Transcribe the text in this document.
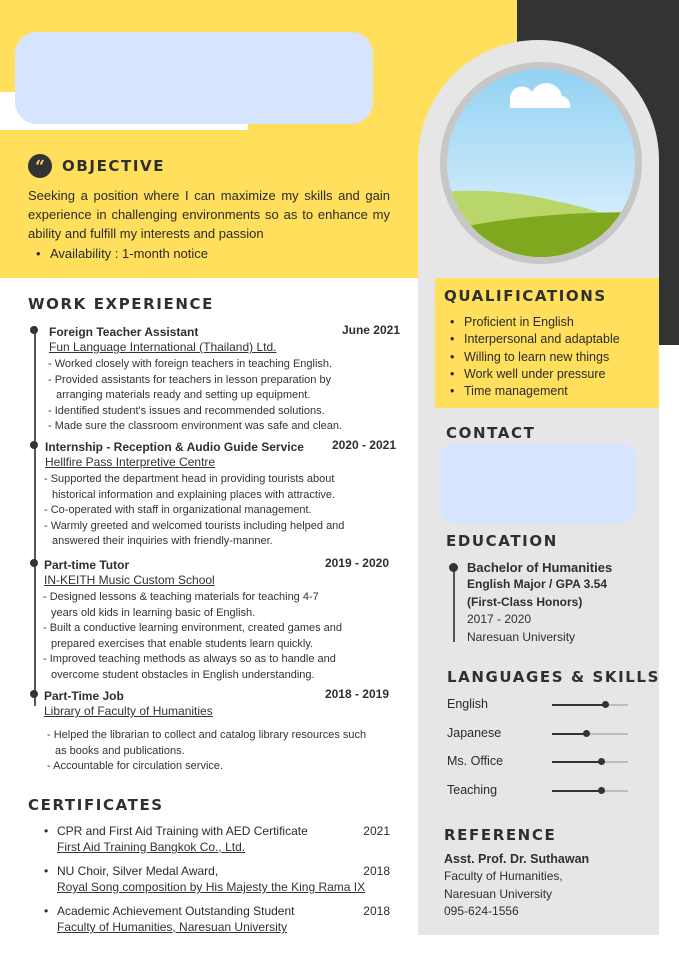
“	OBJECTIVE
Seeking a position where I can maximize my skills and gain experience in challenging environments so as to enhance my ability and fulfill my interests and passion
• Availability : 1-month notice
WORK EXPERIENCE
Foreign Teacher Assistant	June 2021
Fun Language International (Thailand) Ltd.
- Worked closely with foreign teachers in teaching English.
- Provided assistants for teachers in lesson preparation by arranging materials ready and setting up equipment.
- Identified student's issues and recommended solutions.
- Made sure the classroom environment was safe and clean.
Internship - Reception & Audio Guide Service 2020 - 2021
Hellfire Pass Interpretive Centre
- Supported the department head in providing tourists about historical information and explaining places with attractive.
- Co-operated with staff in organizational management.
- Warmly greeted and welcomed tourists including helped and answered their inquiries with friendly-manner.
Part-time Tutor	2019 - 2020
IN-KEITH Music Custom School
- Designed lessons & teaching materials for teaching 4-7 years old kids in learning basic of English.
- Built a conductive learning environment, created games and prepared exercises that enable students learn quickly.
- Improved teaching methods as always so as to handle and overcome student obstacles in English understanding.
Part-Time Job	2018 - 2019
Library of Faculty of Humanities
- Helped the librarian to collect and catalog library resources such as books and publications.
- Accountable for circulation service.
CERTIFICATES
• CPR and First Aid Training with AED Certificate	2021
First Aid Training Bangkok Co., Ltd.
• NU Choir, Silver Medal Award,	2018
Royal Song composition by His Majesty the King Rama IX
• Academic Achievement Outstanding Student	2018
Faculty of Humanities, Naresuan University
QUALIFICATIONS
• Proficient in English
• Interpersonal and adaptable
• Willing to learn new things
• Work well under pressure
• Time management
CONTACT
EDUCATION
Bachelor of Humanities
English Major / GPA 3.54
(First-Class Honors)
2017 - 2020
Naresuan University
LANGUAGES & SKILLS
English
Japanese
Ms. Office
Teaching
REFERENCE
Asst. Prof. Dr. Suthawan
Faculty of Humanities,
Naresuan University
095-624-1556
